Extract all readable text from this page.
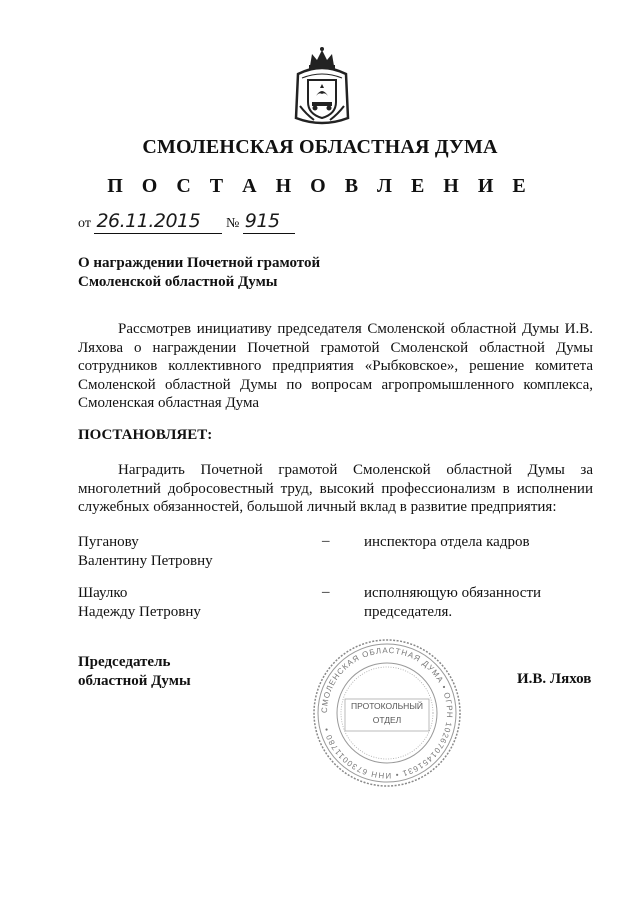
СМОЛЕНСКАЯ ОБЛАСТНАЯ ДУМА
П О С Т А Н О В Л Е Н И Е
от 26.11.2015 № 915
О награждении Почетной грамотой
Смоленской областной Думы
Рассмотрев инициативу председателя Смоленской областной Думы И.В. Ляхова о награждении Почетной грамотой Смоленской областной Думы сотрудников коллективного предприятия «Рыбковское», решение комитета Смоленской областной Думы по вопросам агропромышленного комплекса, Смоленская областная Дума
ПОСТАНОВЛЯЕТ:
Наградить Почетной грамотой Смоленской областной Думы за многолетний добросовестный труд, высокий профессионализм в исполнении служебных обязанностей, большой личный вклад в развитие предприятия:
Пуганову
Валентину Петровну
– инспектора отдела кадров
Шаулко
Надежду Петровну
– исполняющую обязанности
председателя.
Председатель
областной Думы
СМОЛЕНСКАЯ ОБЛАСТНАЯ ДУМА • ОГРН 1026701451631 • ИНН 6730011780 •
ПРОТОКОЛЬНЫЙ
ОТДЕЛ
И.В. Ляхов
